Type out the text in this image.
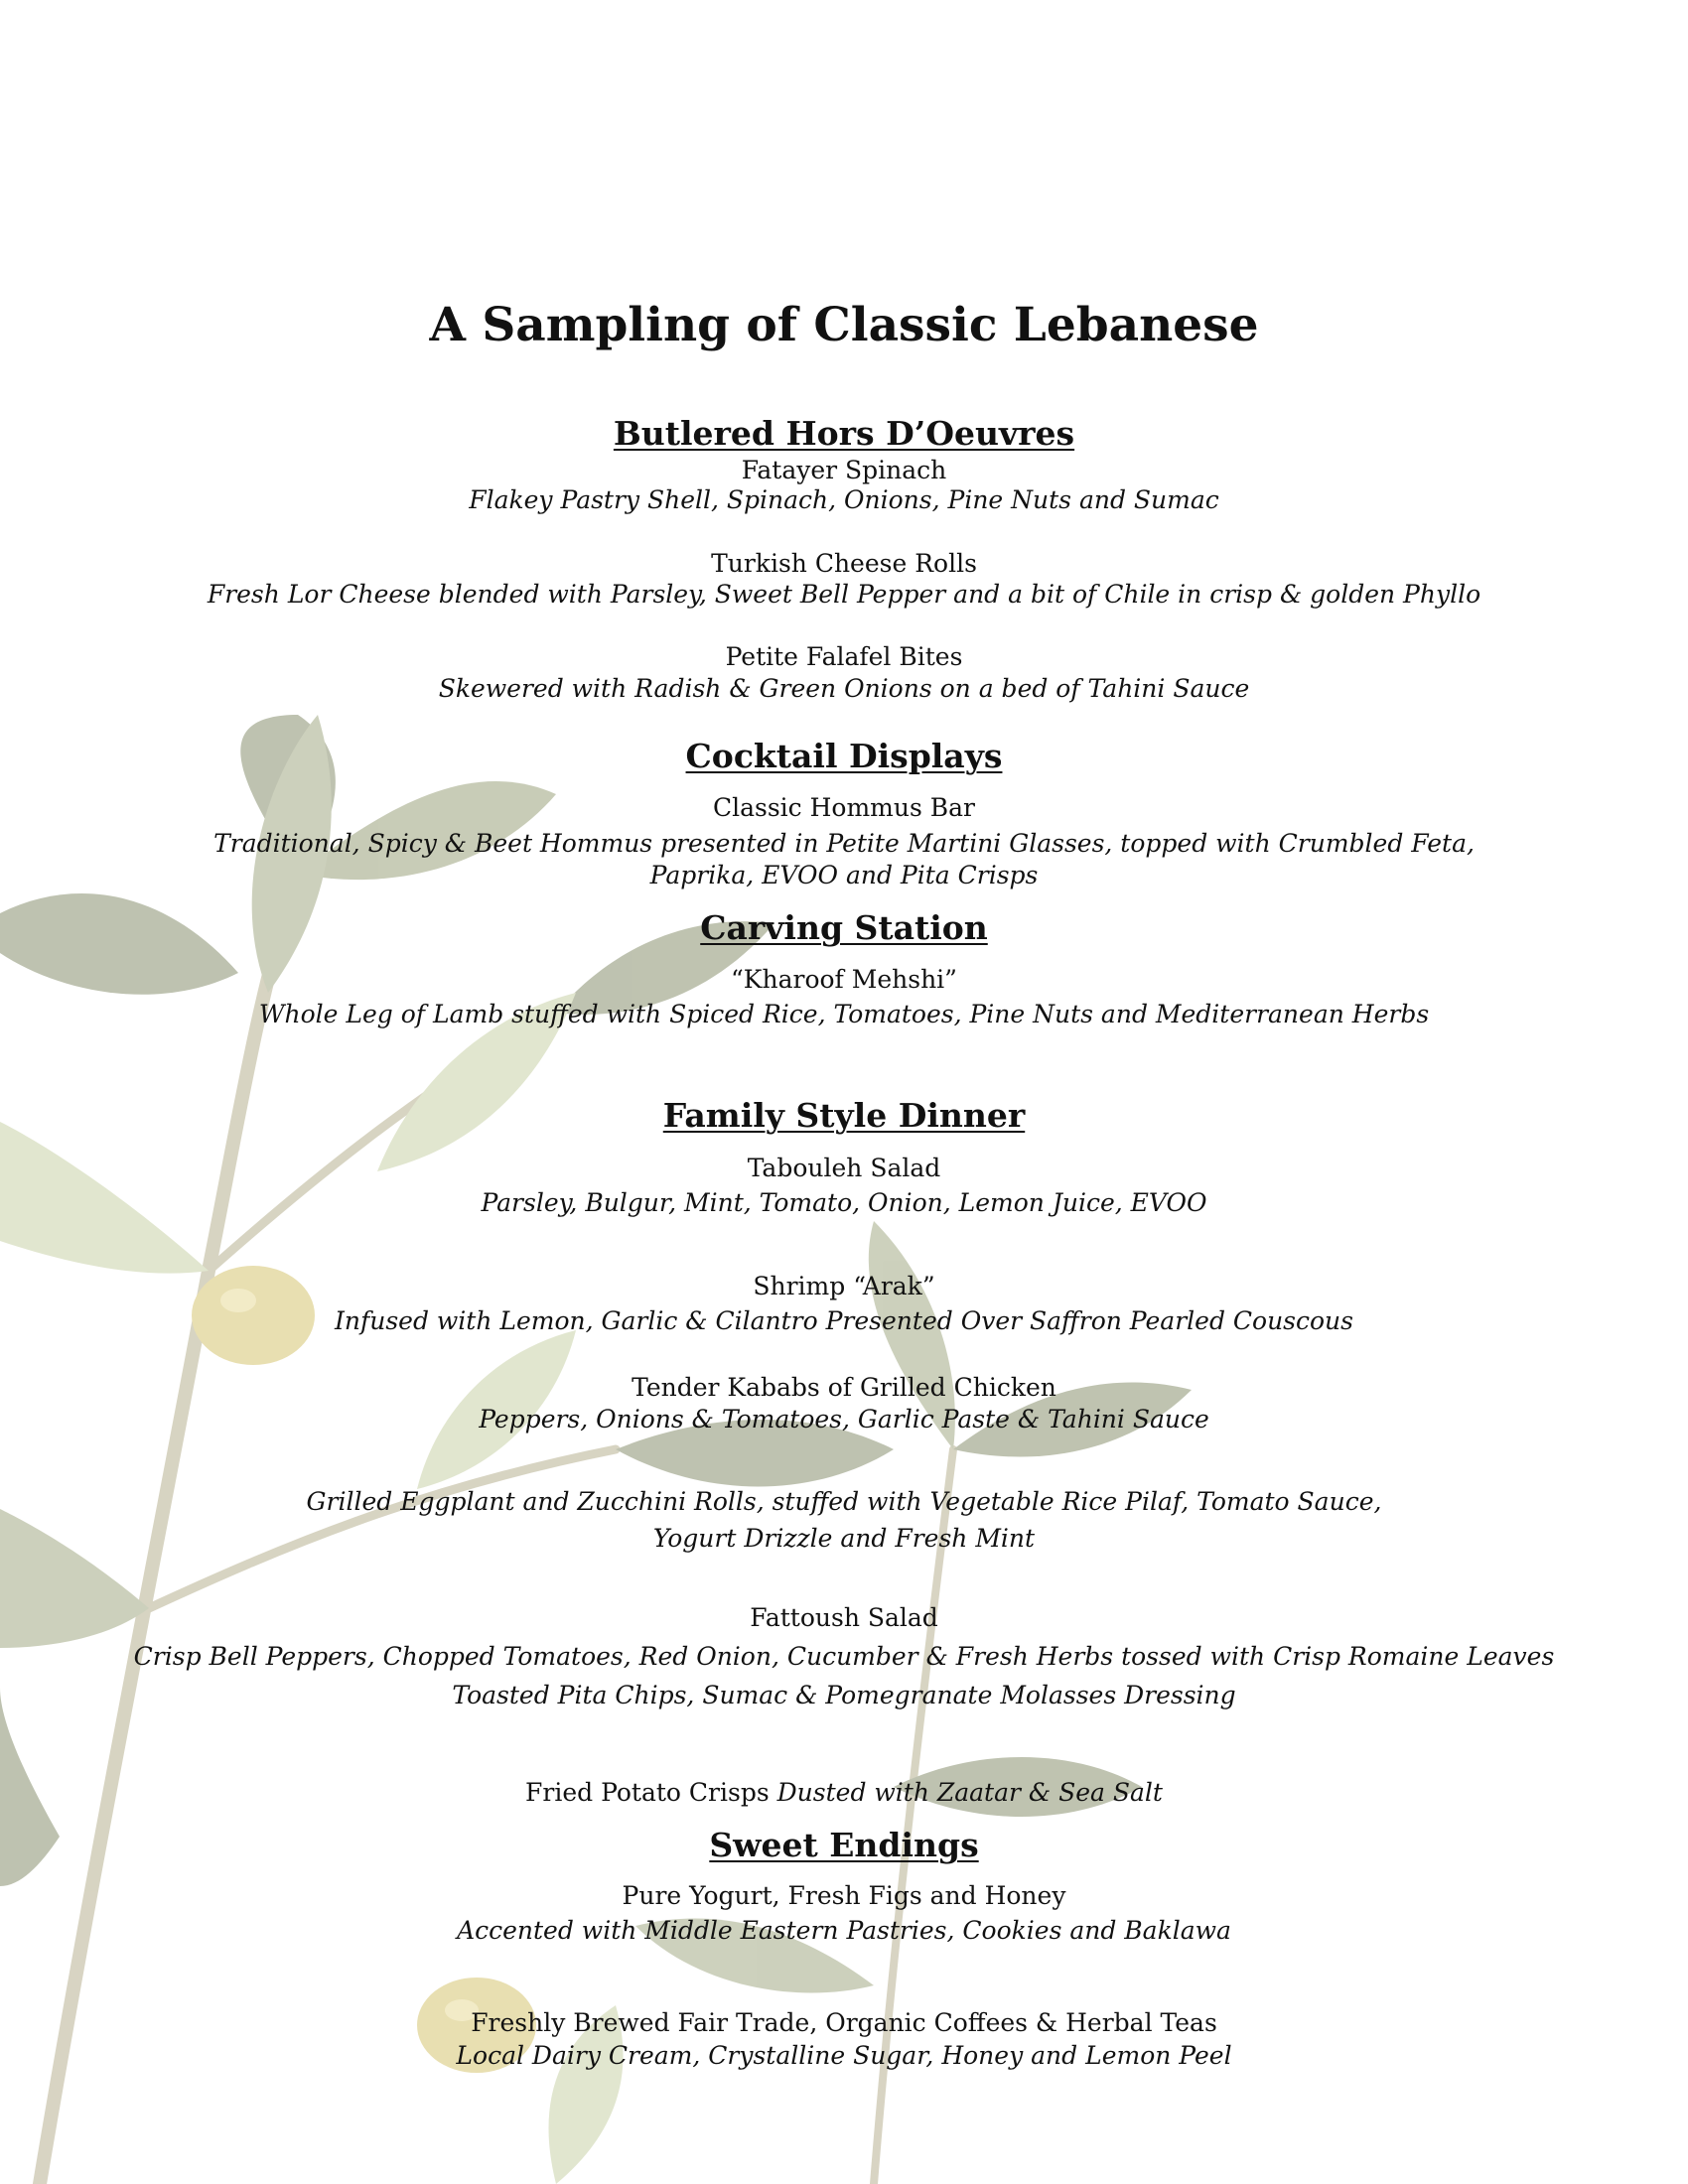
A Sampling of Classic Lebanese
Butlered Hors D’Oeuvres
Fatayer Spinach
Flakey Pastry Shell, Spinach, Onions, Pine Nuts and Sumac
Turkish Cheese Rolls
Fresh Lor Cheese blended with Parsley, Sweet Bell Pepper and a bit of Chile in crisp & golden Phyllo
Petite Falafel Bites
Skewered with Radish & Green Onions on a bed of Tahini Sauce
Cocktail Displays
Classic Hommus Bar
Traditional, Spicy & Beet Hommus presented in Petite Martini Glasses, topped with Crumbled Feta,
Paprika, EVOO and Pita Crisps
Carving Station
“Kharoof Mehshi”
Whole Leg of Lamb stuffed with Spiced Rice, Tomatoes, Pine Nuts and Mediterranean Herbs
Family Style Dinner
Tabouleh Salad
Parsley, Bulgur, Mint, Tomato, Onion, Lemon Juice, EVOO
Shrimp “Arak”
Infused with Lemon, Garlic & Cilantro Presented Over Saffron Pearled Couscous
Tender Kababs of Grilled Chicken
Peppers, Onions & Tomatoes, Garlic Paste & Tahini Sauce
Grilled Eggplant and Zucchini Rolls, stuffed with Vegetable Rice Pilaf, Tomato Sauce,
Yogurt Drizzle and Fresh Mint
Fattoush Salad
Crisp Bell Peppers, Chopped Tomatoes, Red Onion, Cucumber & Fresh Herbs tossed with Crisp Romaine Leaves
Toasted Pita Chips, Sumac & Pomegranate Molasses Dressing
Fried Potato Crisps Dusted with Zaatar & Sea Salt
Sweet Endings
Pure Yogurt, Fresh Figs and Honey
Accented with Middle Eastern Pastries, Cookies and Baklawa
Freshly Brewed Fair Trade, Organic Coffees & Herbal Teas
Local Dairy Cream, Crystalline Sugar, Honey and Lemon Peel
